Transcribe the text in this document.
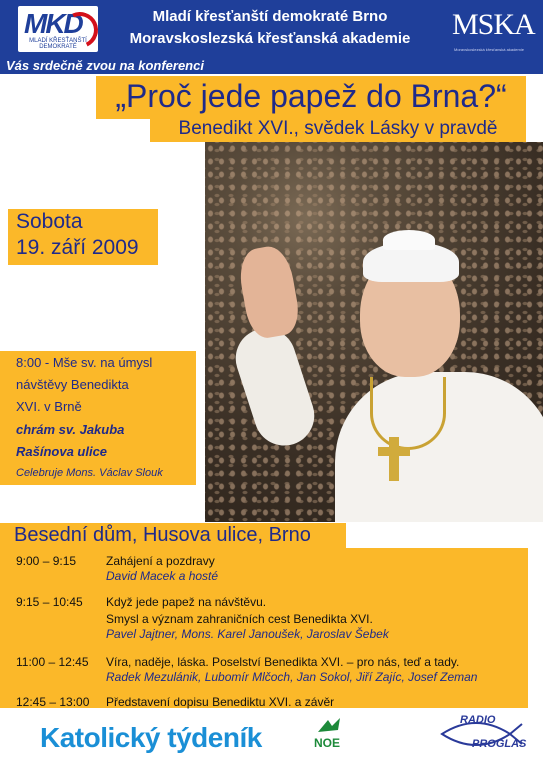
MKD
MLADÍ KŘESŤANŠTÍ DEMOKRATÉ
Mladí křesťanští demokraté Brno
Moravskoslezská křesťanská akademie	MSKA
Moravskoslezská křesťanská akademie
Vás srdečně zvou na konferenci
„Proč jede papež do Brna?“
Benedikt XVI., svědek Lásky v pravdě
Sobota
19. září 2009
8:00 - Mše sv. na úmysl
návštěvy Benedikta
XVI. v Brně
chrám sv. Jakuba
Rašínova ulice
Celebruje Mons. Václav Slouk
Besední dům, Husova ulice, Brno
9:00 – 9:15	Zahájení a pozdravy
David Macek a hosté
9:15 – 10:45	Když jede papež na návštěvu.
Smysl a význam zahraničních cest Benedikta XVI.
Pavel Jajtner, Mons. Karel Janoušek, Jaroslav Šebek
11:00 – 12:45	Víra, naděje, láska. Poselství Benedikta XVI. – pro nás, teď a tady.
Radek Mezulánik, Lubomír Mlčoch, Jan Sokol, Jiří Zajíc, Josef Zeman
12:45 – 13:00	Představení dopisu Benediktu XVI. a závěr
Katolický týdeník	NOE
RADIO
PROGLAS
